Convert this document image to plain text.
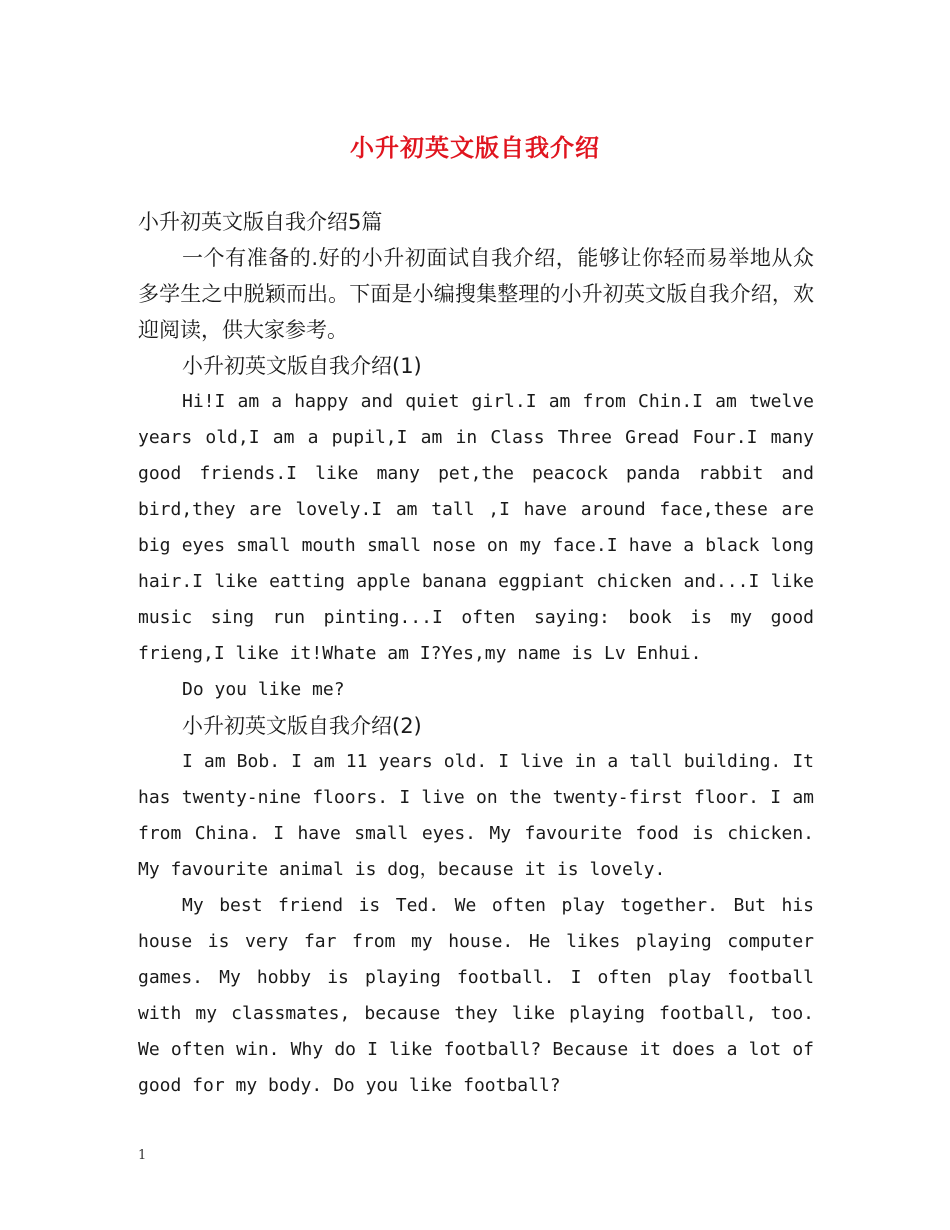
小升初英文版自我介绍

小升初英文版自我介绍5篇

一个有准备的.好的小升初面试自我介绍，能够让你轻而易举地从众多学生之中脱颖而出。下面是小编搜集整理的小升初英文版自我介绍，欢迎阅读，供大家参考。

小升初英文版自我介绍(1)

Hi!I am a happy and quiet girl.I am from Chin.I am twelve years old,I am a pupil,I am in Class Three Gread Four.I many good friends.I like many pet,the peacock panda rabbit and bird,they are lovely.I am tall ,I have around face,these are big eyes small mouth small nose on my face.I have a black long hair.I like eatting apple banana eggpiant chicken and...I like music sing run pinting...I often saying: book is my good frieng,I like it!Whate am I?Yes,my name is Lv Enhui.

Do you like me?

小升初英文版自我介绍(2)

I am Bob. I am 11 years old. I live in a tall building. It has twenty-nine floors. I live on the twenty-first floor. I am from China. I have small eyes. My favourite food is chicken. My favourite animal is dog，because it is lovely.

My best friend is Ted. We often play together. But his house is very far from my house. He likes playing computer games. My hobby is playing football. I often play football with my classmates, because they like playing football, too. We often win. Why do I like football? Because it does a lot of good for my body. Do you like football?

1
